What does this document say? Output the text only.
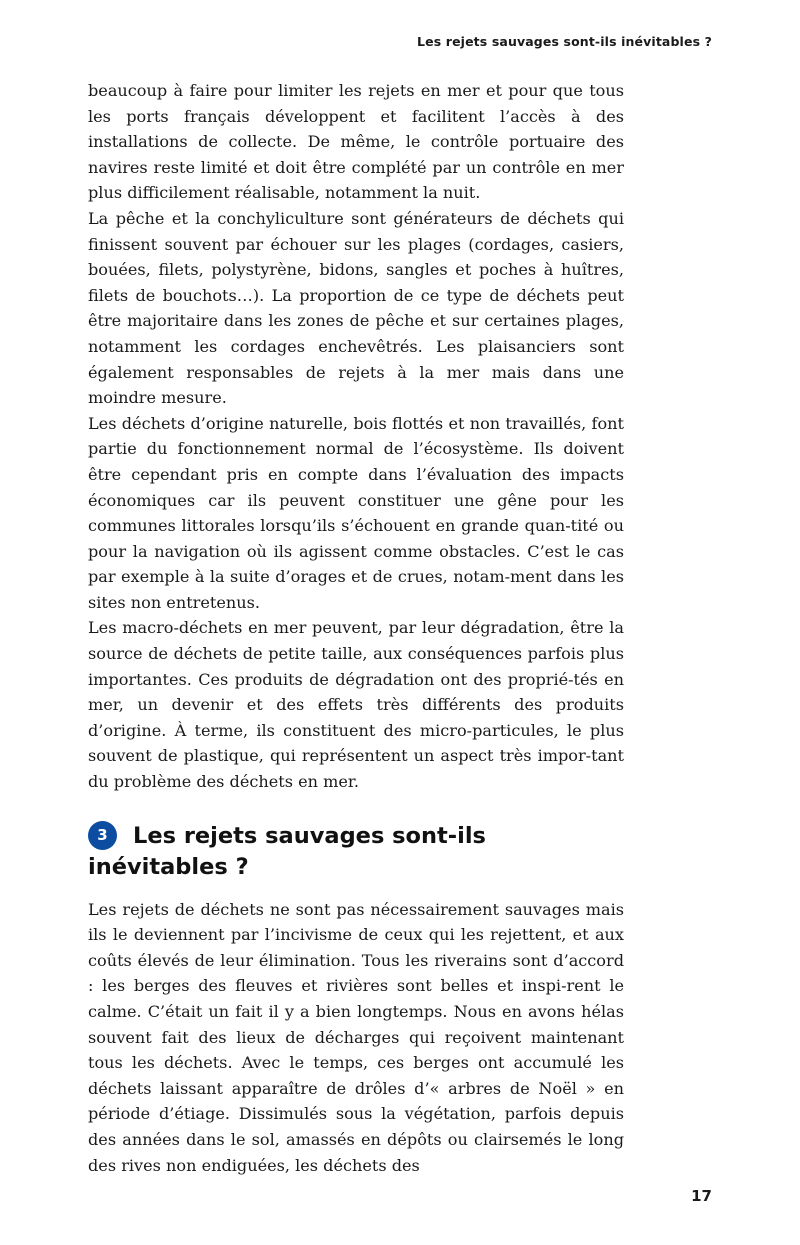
Les rejets sauvages sont-ils inévitables ?

beaucoup à faire pour limiter les rejets en mer et pour que tous les ports français développent et facilitent l’accès à des installations de collecte. De même, le contrôle portuaire des navires reste limité et doit être complété par un contrôle en mer plus difficilement réalisable, notamment la nuit.

La pêche et la conchyliculture sont générateurs de déchets qui finissent souvent par échouer sur les plages (cordages, casiers, bouées, filets, polystyrène, bidons, sangles et poches à huîtres, filets de bouchots…). La proportion de ce type de déchets peut être majoritaire dans les zones de pêche et sur certaines plages, notamment les cordages enchevêtrés. Les plaisanciers sont également responsables de rejets à la mer mais dans une moindre mesure.

Les déchets d’origine naturelle, bois flottés et non travaillés, font partie du fonctionnement normal de l’écosystème. Ils doivent être cependant pris en compte dans l’évaluation des impacts économiques car ils peuvent constituer une gêne pour les communes littorales lorsqu’ils s’échouent en grande quan-tité ou pour la navigation où ils agissent comme obstacles. C’est le cas par exemple à la suite d’orages et de crues, notam-ment dans les sites non entretenus.

Les macro-déchets en mer peuvent, par leur dégradation, être la source de déchets de petite taille, aux conséquences parfois plus importantes. Ces produits de dégradation ont des proprié-tés en mer, un devenir et des effets très différents des produits d’origine. À terme, ils constituent des micro-particules, le plus souvent de plastique, qui représentent un aspect très impor-tant du problème des déchets en mer.

3 Les rejets sauvages sont-ils inévitables ?

Les rejets de déchets ne sont pas nécessairement sauvages mais ils le deviennent par l’incivisme de ceux qui les rejettent, et aux coûts élevés de leur élimination. Tous les riverains sont d’accord : les berges des fleuves et rivières sont belles et inspi-rent le calme. C’était un fait il y a bien longtemps. Nous en avons hélas souvent fait des lieux de décharges qui reçoivent maintenant tous les déchets. Avec le temps, ces berges ont accumulé les déchets laissant apparaître de drôles d’« arbres de Noël » en période d’étiage. Dissimulés sous la végétation, parfois depuis des années dans le sol, amassés en dépôts ou clairsemés le long des rives non endiguées, les déchets des

17
